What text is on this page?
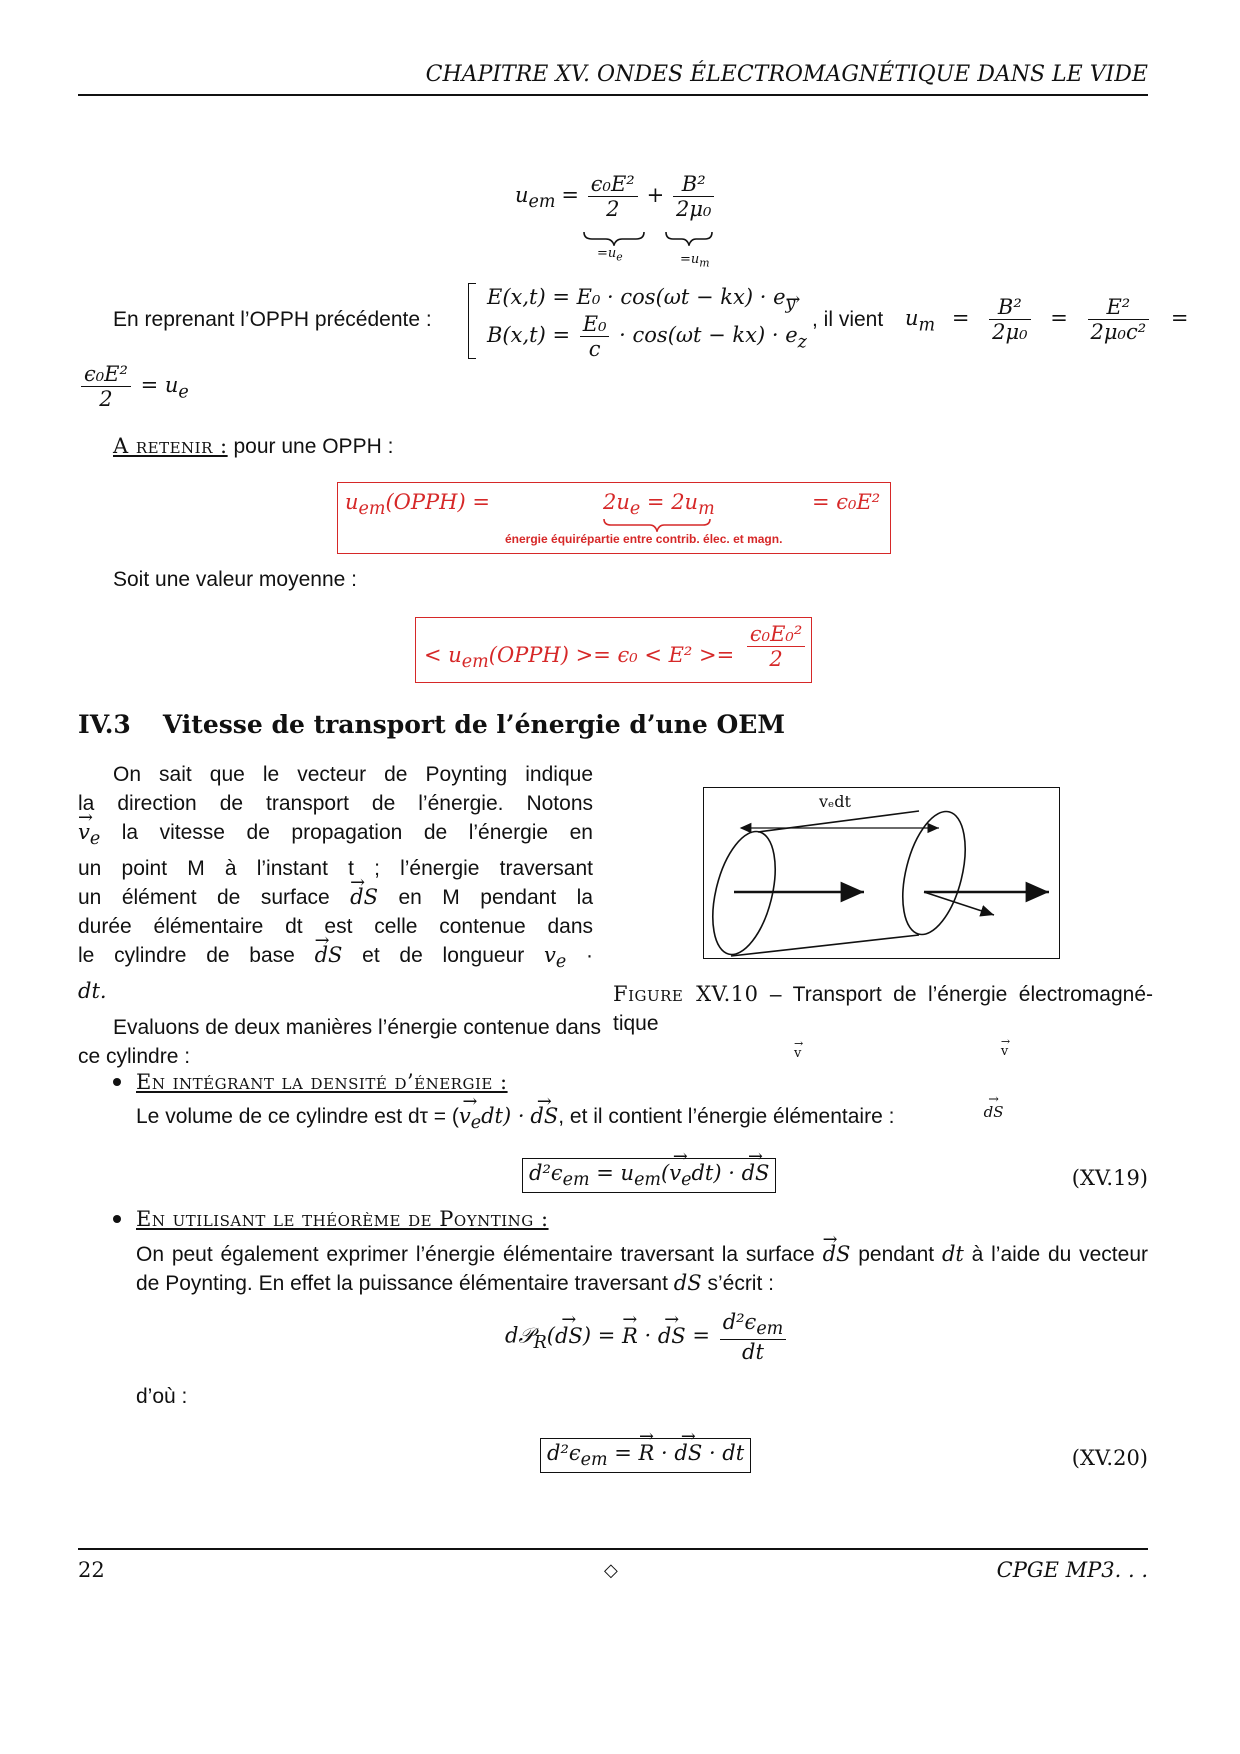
CHAPITRE XV. ONDES ÉLECTROMAGNÉTIQUE DANS LE VIDE
$u_{em} = \frac{\text{ϵ₀E²}}{2} + \frac{\text{B²}}{\text{2μ₀}}$
$=u_e$	$=u_m$
En reprenant l’OPPH précédente :
$E(x,t) = E_0 \cdot \cos(\omega t - kx) \cdot e_y$
$B(x,t) = \frac{\text{E₀}}{c} \cdot \cos(\omega t - kx) \cdot e_z$
, il vient $u_m = \frac{\text{B²}}{\text{2μ₀}} = \frac{\text{E²}}{\text{2μ₀c²}}$ =
$\frac{\text{ϵ₀E²}}{2} = u_e$
A retenir : pour une OPPH :
$u_{em}(OPPH)$ =	$2u_e = 2u_m$
énergie équirépartie entre contrib. élec. et magn.
= ϵ₀E²
Soit une valeur moyenne :
< $u_{em}(OPPH) >= \epsilon_0 < E^2 >= \frac{\text{ϵ₀E₀²}}{2}$
IV.3 Vitesse de transport de l’énergie d’une OEM
On sait que le vecteur de Poynting indique
la direction de transport de l’énergie. Notons
→ $v_e$ la vitesse de propagation de l’énergie en
un point M à l’instant t ; l’énergie traversant
un élément de surface → dS en M pendant la
durée élémentaire dt est celle contenue dans
le cylindre de base → dS et de longueur $v_e$ ·
dt.

vₑdt
→ v	→ v → dS
Figure XV.10 – Transport de l’énergie électromagné-
tique
Evaluons de deux manières l’énergie contenue dans
ce cylindre :
En intégrant la densité d’énergie :
Le volume de ce cylindre est dτ = (→ $v_edt$) · → dS, et il contient l’énergie élémentaire :
$d^2\epsilon_{em} = u_{em}(\to v_edt)$ · → dS	(XV.19)
En utilisant le théorème de Poynting :
On peut également exprimer l’énergie élémentaire traversant la surface → dS pendant dt à l’aide du vecteur
de Poynting. En effet la puissance élémentaire traversant dS s’écrit :
d𝒫$_R$(→ dS) = → R · → dS = $\frac{d^2\epsilon_{em}}{dt}$
d’où :
$d^2\epsilon_{em}$ = → R · → dS · dt	(XV.20)
22	◇	CPGE MP3. . .
